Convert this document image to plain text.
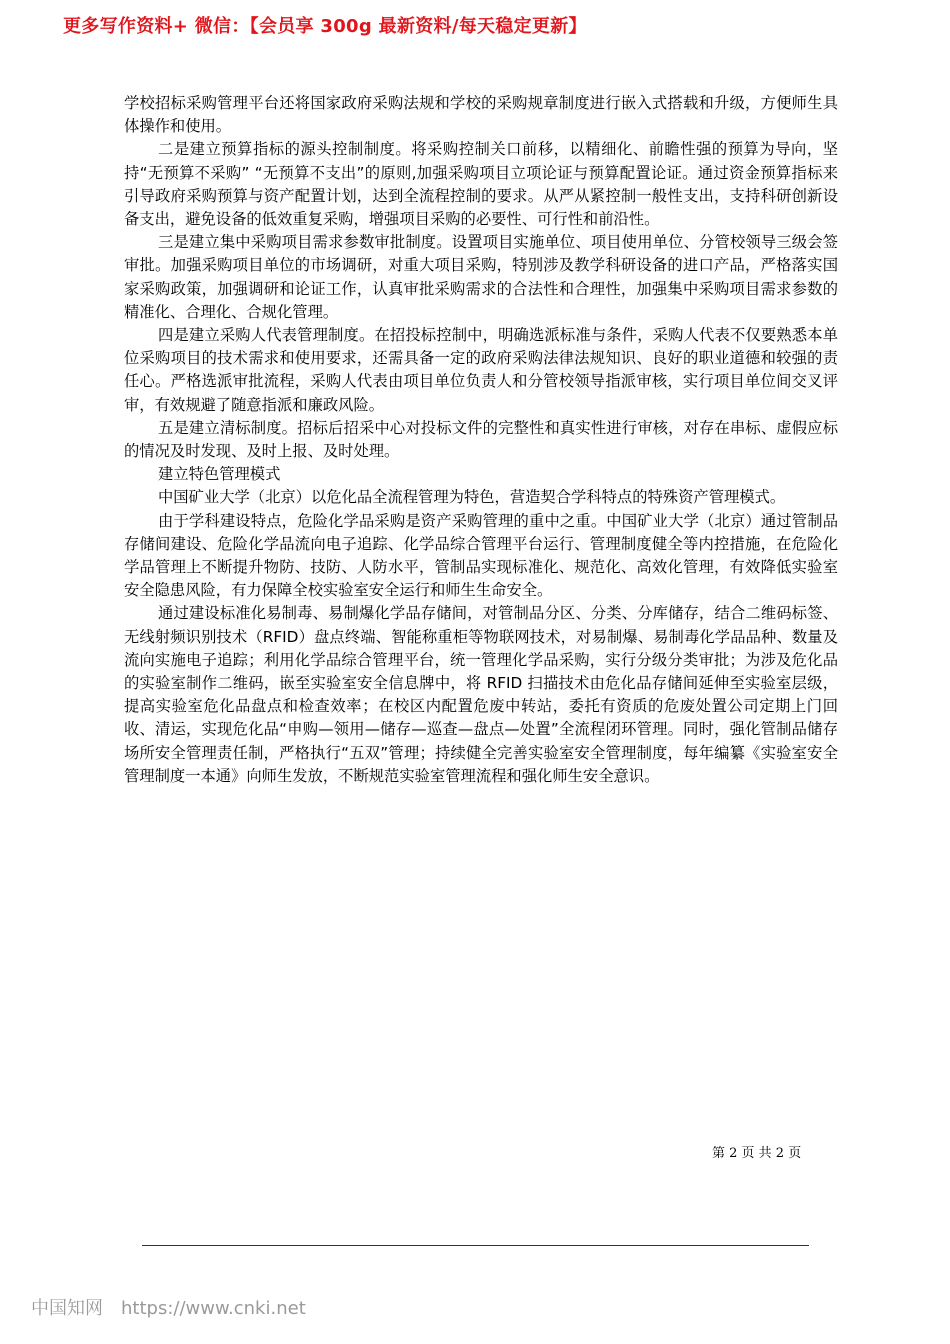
更多写作资料+ 微信：【会员享 300g 最新资料/每天稳定更新】

学校招标采购管理平台还将国家政府采购法规和学校的采购规章制度进行嵌入式搭载和升级，方便师生具体操作和使用。

二是建立预算指标的源头控制制度。将采购控制关口前移，以精细化、前瞻性强的预算为导向，坚持“无预算不采购” “无预算不支出”的原则,加强采购项目立项论证与预算配置论证。通过资金预算指标来引导政府采购预算与资产配置计划，达到全流程控制的要求。从严从紧控制一般性支出，支持科研创新设备支出，避免设备的低效重复采购，增强项目采购的必要性、可行性和前沿性。

三是建立集中采购项目需求参数审批制度。设置项目实施单位、项目使用单位、分管校领导三级会签审批。加强采购项目单位的市场调研，对重大项目采购，特别涉及教学科研设备的进口产品，严格落实国家采购政策，加强调研和论证工作，认真审批采购需求的合法性和合理性，加强集中采购项目需求参数的精准化、合理化、合规化管理。

四是建立采购人代表管理制度。在招投标控制中，明确选派标准与条件，采购人代表不仅要熟悉本单位采购项目的技术需求和使用要求，还需具备一定的政府采购法律法规知识、良好的职业道德和较强的责任心。严格选派审批流程，采购人代表由项目单位负责人和分管校领导指派审核，实行项目单位间交叉评审，有效规避了随意指派和廉政风险。

五是建立清标制度。招标后招采中心对投标文件的完整性和真实性进行审核，对存在串标、虚假应标的情况及时发现、及时上报、及时处理。

建立特色管理模式

中国矿业大学（北京）以危化品全流程管理为特色，营造契合学科特点的特殊资产管理模式。

由于学科建设特点，危险化学品采购是资产采购管理的重中之重。中国矿业大学（北京）通过管制品存储间建设、危险化学品流向电子追踪、化学品综合管理平台运行、管理制度健全等内控措施，在危险化学品管理上不断提升物防、技防、人防水平，管制品实现标准化、规范化、高效化管理，有效降低实验室安全隐患风险，有力保障全校实验室安全运行和师生生命安全。

通过建设标准化易制毒、易制爆化学品存储间，对管制品分区、分类、分库储存，结合二维码标签、无线射频识别技术（RFID）盘点终端、智能称重柜等物联网技术，对易制爆、易制毒化学品品种、数量及流向实施电子追踪；利用化学品综合管理平台，统一管理化学品采购，实行分级分类审批；为涉及危化品的实验室制作二维码，嵌至实验室安全信息牌中，将 RFID 扫描技术由危化品存储间延伸至实验室层级，提高实验室危化品盘点和检查效率；在校区内配置危废中转站，委托有资质的危废处置公司定期上门回收、清运，实现危化品“申购—领用—储存—巡查—盘点—处置”全流程闭环管理。同时，强化管制品储存场所安全管理责任制，严格执行“五双”管理；持续健全完善实验室安全管理制度，每年编纂《实验室安全管理制度一本通》向师生发放，不断规范实验室管理流程和强化师生安全意识。

第 2 页 共 2 页
中国知网 https://www.cnki.net
